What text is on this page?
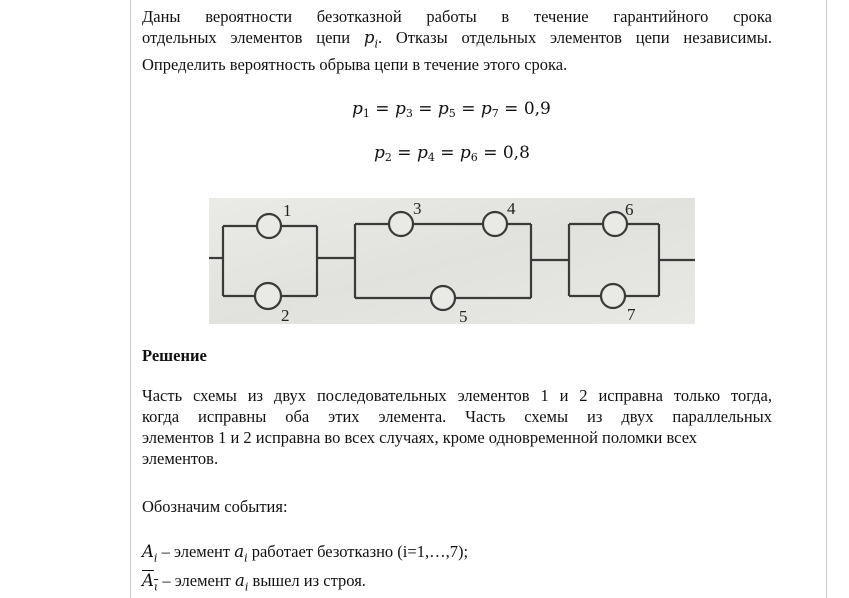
Даны вероятности безотказной работы в течение гарантийного срока

отдельных элементов цепи $p_i$. Отказы отдельных элементов цепи независимы.

Определить вероятность обрыва цепи в течение этого срока.

$p_1 = p_3 = p_5 = p_7 = 0,9$
$p_2 = p_4 = p_6 = 0,8$
1
2
3	4
5
6
7
Решение
Часть схемы из двух последовательных элементов 1 и 2 исправна только тогда,
когда исправны оба этих элемента. Часть схемы из двух параллельных
элементов 1 и 2 исправна во всех случаях, кроме одновременной поломки всех
элементов.
Обозначим события:
$A_i$ – элемент $a_i$ работает безотказно (i=1,…,7);
$A_\iota$ – элемент $a_i$ вышел из строя.
